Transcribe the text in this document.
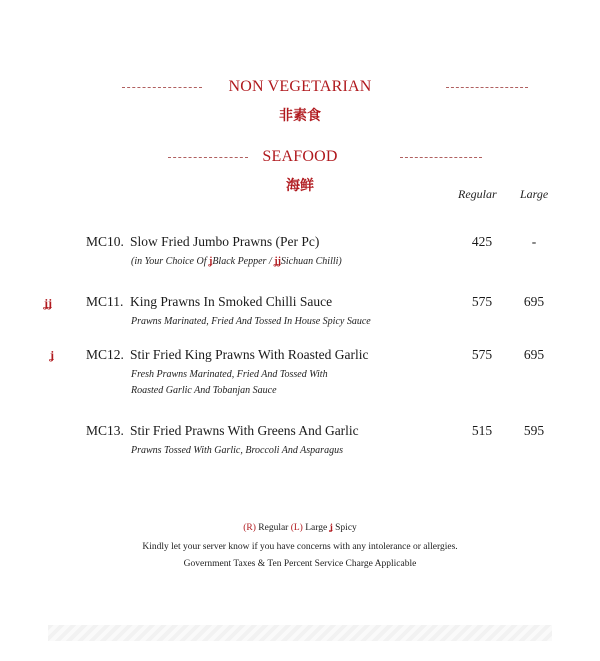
NON VEGETARIAN
非素食
SEAFOOD
海鲜	Regular Large
MC10. Slow Fried Jumbo Prawns (Per Pc)	425	-
(in Your Choice Of ʝBlack Pepper / ʝʝSichuan Chilli)
ʝʝ	MC11. King Prawns In Smoked Chilli Sauce	575	695
Prawns Marinated, Fried And Tossed In House Spicy Sauce
ʝ MC12. Stir Fried King Prawns With Roasted Garlic	575	695
Fresh Prawns Marinated, Fried And Tossed With
Roasted Garlic And Tobanjan Sauce
MC13. Stir Fried Prawns With Greens And Garlic	515	595
Prawns Tossed With Garlic, Broccoli And Asparagus
(R) Regular (L) Large ʝ Spicy
Kindly let your server know if you have concerns with any intolerance or allergies.
Government Taxes & Ten Percent Service Charge Applicable
